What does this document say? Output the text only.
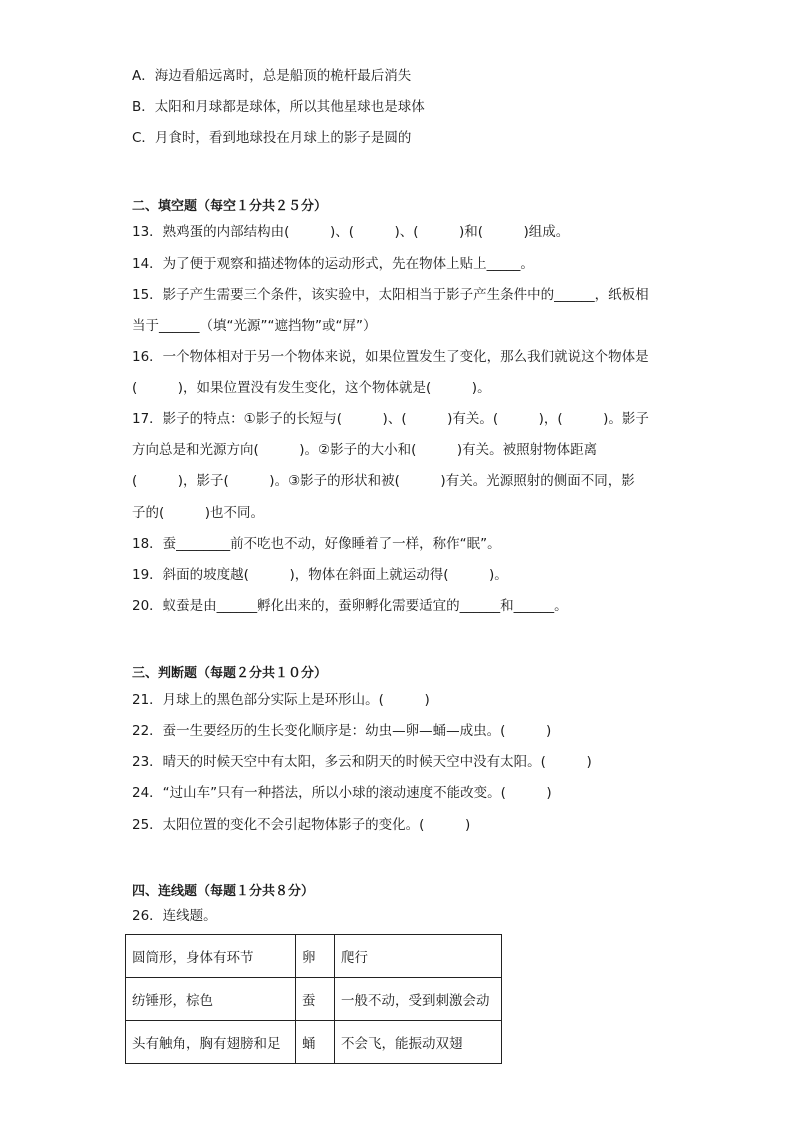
A．海边看船远离时，总是船顶的桅杆最后消失
B．太阳和月球都是球体，所以其他星球也是球体
C．月食时，看到地球投在月球上的影子是圆的
二、填空题（每空１分共２５分）
13．熟鸡蛋的内部结构由(　　　)、(　　　)、(　　　)和(　　　)组成。
14．为了便于观察和描述物体的运动形式，先在物体上贴上_____。
15．影子产生需要三个条件，该实验中，太阳相当于影子产生条件中的______，纸板相
当于______（填“光源”“遮挡物”或“屏”）
16．一个物体相对于另一个物体来说，如果位置发生了变化，那么我们就说这个物体是
(　　　)，如果位置没有发生变化，这个物体就是(　　　)。
17．影子的特点：①影子的长短与(　　　)、(　　　)有关。(　　　)，(　　　)。影子
方向总是和光源方向(　　　)。②影子的大小和(　　　)有关。被照射物体距离
(　　　)，影子(　　　)。③影子的形状和被(　　　)有关。光源照射的侧面不同，影
子的(　　　)也不同。
18．蚕________前不吃也不动，好像睡着了一样，称作“眠”。
19．斜面的坡度越(　　　)，物体在斜面上就运动得(　　　)。
20．蚁蚕是由______孵化出来的，蚕卵孵化需要适宜的______和______。
三、判断题（每题２分共１０分）
21．月球上的黑色部分实际上是环形山。(　　　)
22．蚕一生要经历的生长变化顺序是：幼虫—卵—蛹—成虫。(　　　)
23．晴天的时候天空中有太阳，多云和阴天的时候天空中没有太阳。(　　　)
24．“过山车”只有一种搭法，所以小球的滚动速度不能改变。(　　　)
25．太阳位置的变化不会引起物体影子的变化。(　　　)
四、连线题（每题１分共８分）
26．连线题。
圆筒形，身体有环节	卵	爬行
纺锤形，棕色	蚕	一般不动，受到刺激会动
头有触角，胸有翅膀和足	蛹	不会飞，能振动双翅
